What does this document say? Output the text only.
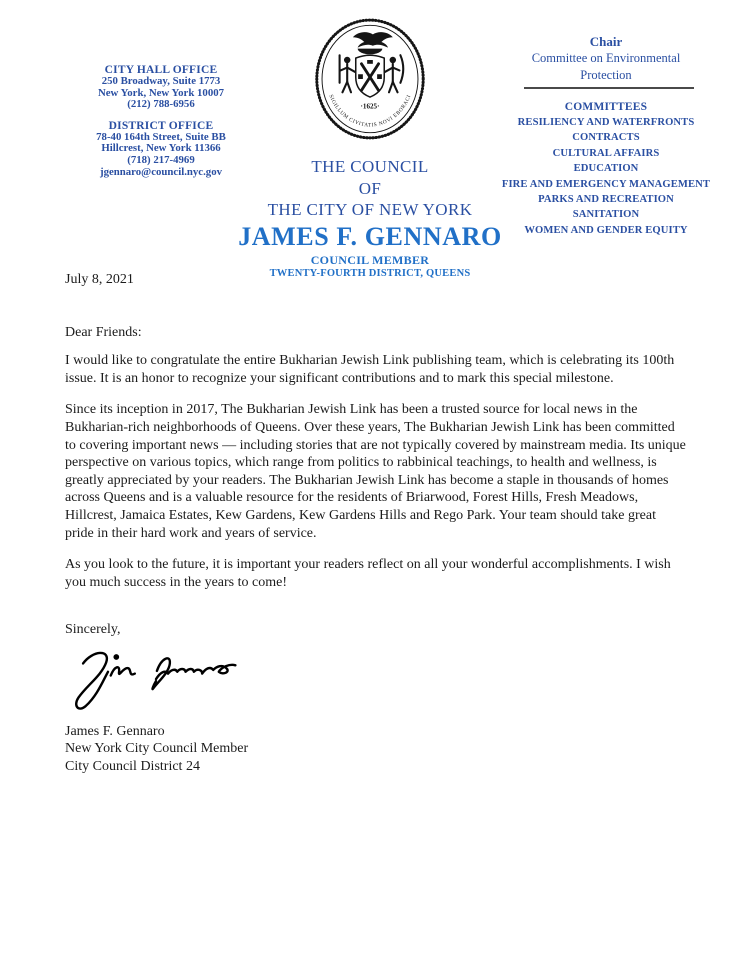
CITY HALL OFFICE
250 Broadway, Suite 1773
New York, New York 10007
(212) 788-6956
DISTRICT OFFICE
78-40 164th Street, Suite BB
Hillcrest, New York 11366
(718) 217-4969
jgennaro@council.nyc.gov
·1625·
SIGILLUM CIVITATIS NOVI EBORACI
THE COUNCIL
OF
THE CITY OF NEW YORK
JAMES F. GENNARO
COUNCIL MEMBER
TWENTY-FOURTH DISTRICT, QUEENS
Chair
Committee on Environmental
Protection
COMMITTEES
RESILIENCY AND WATERFRONTS
CONTRACTS
CULTURAL AFFAIRS
EDUCATION
FIRE AND EMERGENCY MANAGEMENT
PARKS AND RECREATION
SANITATION
WOMEN AND GENDER EQUITY
July 8, 2021
Dear Friends:

I would like to congratulate the entire Bukharian Jewish Link publishing team, which is celebrating its 100th issue. It is an honor to recognize your significant contributions and to mark this special milestone.

Since its inception in 2017, The Bukharian Jewish Link has been a trusted source for local news in the Bukharian-rich neighborhoods of Queens. Over these years, The Bukharian Jewish Link has been committed to covering important news — including stories that are not typically covered by mainstream media. Its unique perspective on various topics, which range from politics to rabbinical teachings, to health and wellness, is greatly appreciated by your readers. The Bukharian Jewish Link has become a staple in thousands of homes across Queens and is a valuable resource for the residents of Briarwood, Forest Hills, Fresh Meadows, Hillcrest, Jamaica Estates, Kew Gardens, Kew Gardens Hills and Rego Park. Your team should take great pride in their hard work and years of service.

As you look to the future, it is important your readers reflect on all your wonderful accomplishments. I wish you much success in the years to come!

Sincerely,
James F. Gennaro
New York City Council Member
City Council District 24
